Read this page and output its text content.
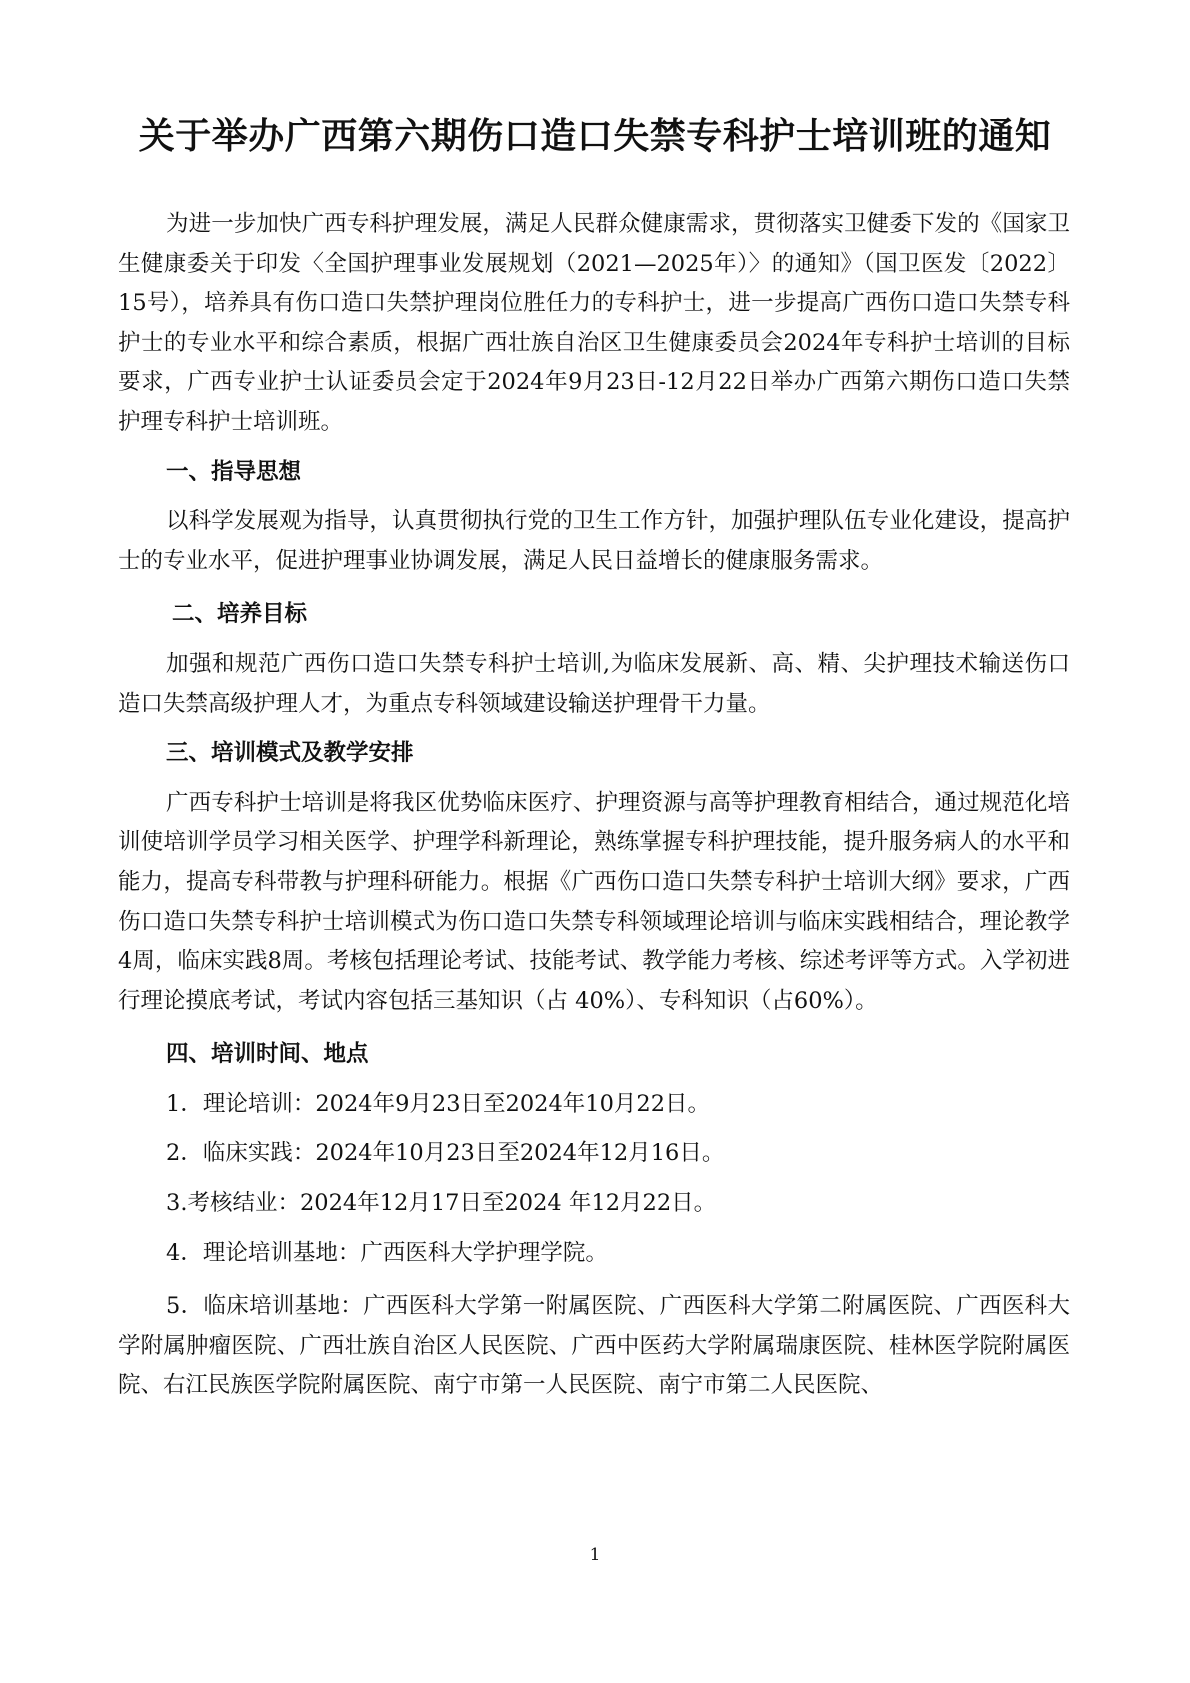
关于举办广西第六期伤口造口失禁专科护士培训班的通知

为进一步加快广西专科护理发展，满足人民群众健康需求，贯彻落实卫健委下发的《国家卫生健康委关于印发〈全国护理事业发展规划（2021—2025年）〉的通知》（国卫医发〔2022〕15号），培养具有伤口造口失禁护理岗位胜任力的专科护士，进一步提高广西伤口造口失禁专科护士的专业水平和综合素质，根据广西壮族自治区卫生健康委员会2024年专科护士培训的目标要求，广西专业护士认证委员会定于2024年9月23日-12月22日举办广西第六期伤口造口失禁护理专科护士培训班。

一、指导思想

以科学发展观为指导，认真贯彻执行党的卫生工作方针，加强护理队伍专业化建设，提高护士的专业水平，促进护理事业协调发展，满足人民日益增长的健康服务需求。

二、培养目标

加强和规范广西伤口造口失禁专科护士培训,为临床发展新、高、精、尖护理技术输送伤口造口失禁高级护理人才，为重点专科领域建设输送护理骨干力量。

三、培训模式及教学安排

广西专科护士培训是将我区优势临床医疗、护理资源与高等护理教育相结合，通过规范化培训使培训学员学习相关医学、护理学科新理论，熟练掌握专科护理技能，提升服务病人的水平和能力，提高专科带教与护理科研能力。根据《广西伤口造口失禁专科护士培训大纲》要求，广西伤口造口失禁专科护士培训模式为伤口造口失禁专科领域理论培训与临床实践相结合，理论教学4周，临床实践8周。考核包括理论考试、技能考试、教学能力考核、综述考评等方式。入学初进行理论摸底考试，考试内容包括三基知识（占 40%）、专科知识（占60%）。

四、培训时间、地点
1．理论培训：2024年9月23日至2024年10月22日。
2．临床实践：2024年10月23日至2024年12月16日。
3.考核结业：2024年12月17日至2024 年12月22日。
4．理论培训基地：广西医科大学护理学院。

5．临床培训基地：广西医科大学第一附属医院、广西医科大学第二附属医院、广西医科大学附属肿瘤医院、广西壮族自治区人民医院、广西中医药大学附属瑞康医院、桂林医学院附属医院、右江民族医学院附属医院、南宁市第一人民医院、南宁市第二人民医院、

1
